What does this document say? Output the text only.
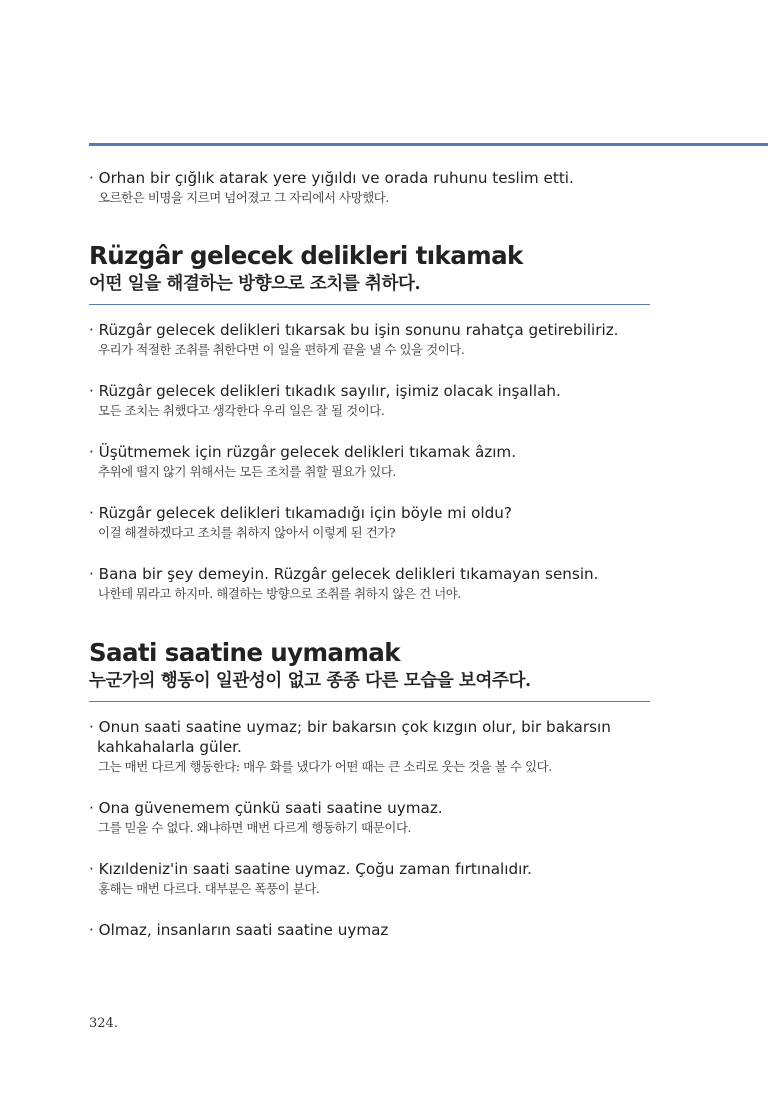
· Orhan bir çığlık atarak yere yığıldı ve orada ruhunu teslim etti.
오르한은 비명을 지르며 넘어졌고 그 자리에서 사망했다.
Rüzgâr gelecek delikleri tıkamak
어떤 일을 해결하는 방향으로 조치를 취하다.
· Rüzgâr gelecek delikleri tıkarsak bu işin sonunu rahatça getirebiliriz.
우리가 적절한 조취를 취한다면 이 일을 편하게 끝을 낼 수 있을 것이다.
· Rüzgâr gelecek delikleri tıkadık sayılır, işimiz olacak inşallah.
모든 조치는 취했다고 생각한다 우리 일은 잘 될 것이다.
· Üşütmemek için rüzgâr gelecek delikleri tıkamak âzım.
추위에 떨지 않기 위해서는 모든 조치를 취할 필요가 있다.
· Rüzgâr gelecek delikleri tıkamadığı için böyle mi oldu?
이걸 해결하겠다고 조치를 취하지 않아서 이렇게 된 건가?
· Bana bir şey demeyin. Rüzgâr gelecek delikleri tıkamayan sensin.
나한테 뭐라고 하지마. 해결하는 방향으로 조취를 취하지 않은 건 너야.
Saati saatine uymamak
누군가의 행동이 일관성이 없고 종종 다른 모습을 보여주다.
· Onun saati saatine uymaz; bir bakarsın çok kızgın olur, bir bakarsın kahkahalarla güler.
그는 매번 다르게 행동한다: 매우 화를 냈다가 어떤 때는 큰 소리로 웃는 것을 볼 수 있다.
· Ona güvenemem çünkü saati saatine uymaz.
그를 믿을 수 없다. 왜냐하면 매번 다르게 행동하기 때문이다.
· Kızıldeniz'in saati saatine uymaz. Çoğu zaman fırtınalıdır.
홍해는 매번 다르다. 대부분은 폭풍이 분다.
· Olmaz, insanların saati saatine uymaz
324.
